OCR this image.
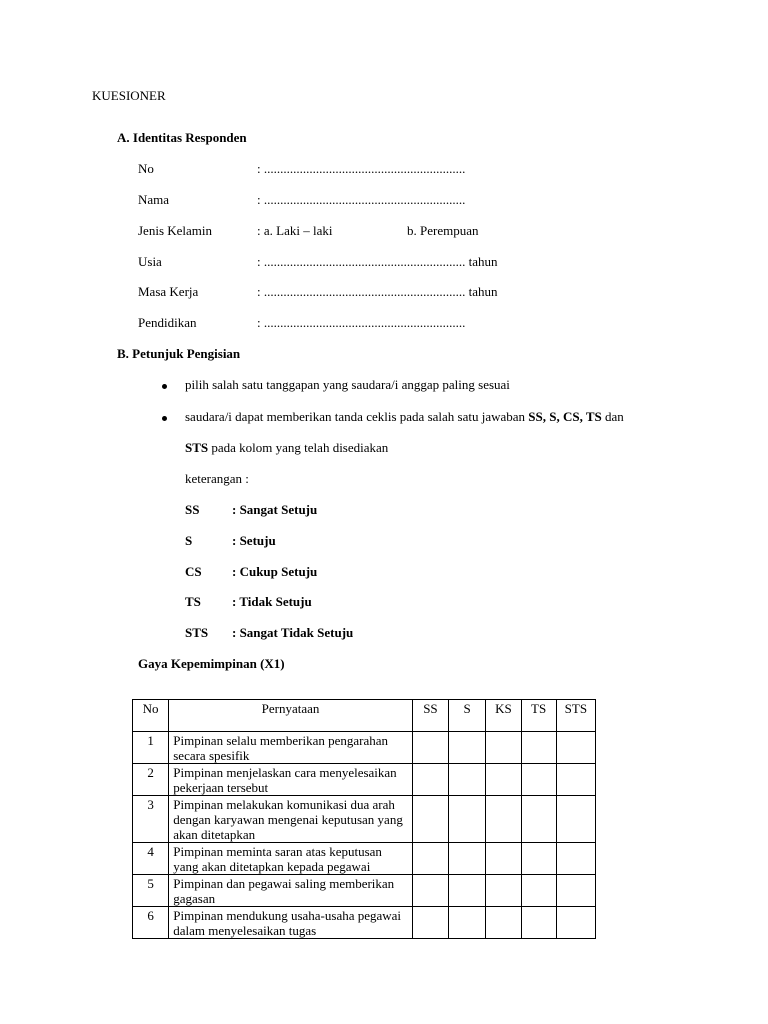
KUESIONER
A. Identitas Responden
No	: ..............................................................
Nama	: ..............................................................
Jenis Kelamin	: a. Laki – laki	b. Perempuan
Usia	: .............................................................. tahun
Masa Kerja	: .............................................................. tahun
Pendidikan	: ..............................................................
B. Petunjuk Pengisian
pilih salah satu tanggapan yang saudara/i anggap paling sesuai
saudara/i dapat memberikan tanda ceklis pada salah satu jawaban SS, S, CS, TS dan
STS pada kolom yang telah disediakan
keterangan :
SS	: Sangat Setuju
S	: Setuju
CS : Cukup Setuju
TS : Tidak Setuju
STS : Sangat Tidak Setuju
Gaya Kepemimpinan (X1)
No	Pernyataan	SS	S	KS	TS	STS
1	Pimpinan selalu memberikan pengarahan secara spesifik					
2	Pimpinan menjelaskan cara menyelesaikan pekerjaan tersebut					
3	Pimpinan melakukan komunikasi dua arah dengan karyawan mengenai keputusan yang akan ditetapkan					
4	Pimpinan meminta saran atas keputusan yang akan ditetapkan kepada pegawai					
5	Pimpinan dan pegawai saling memberikan gagasan					
6	Pimpinan mendukung usaha-usaha pegawai dalam menyelesaikan tugas					
